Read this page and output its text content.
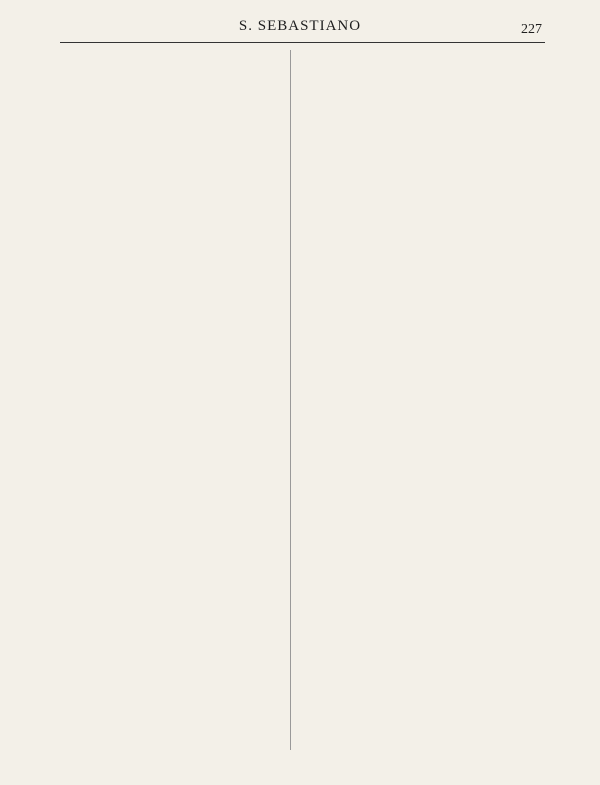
S. SEBASTIANO	227
